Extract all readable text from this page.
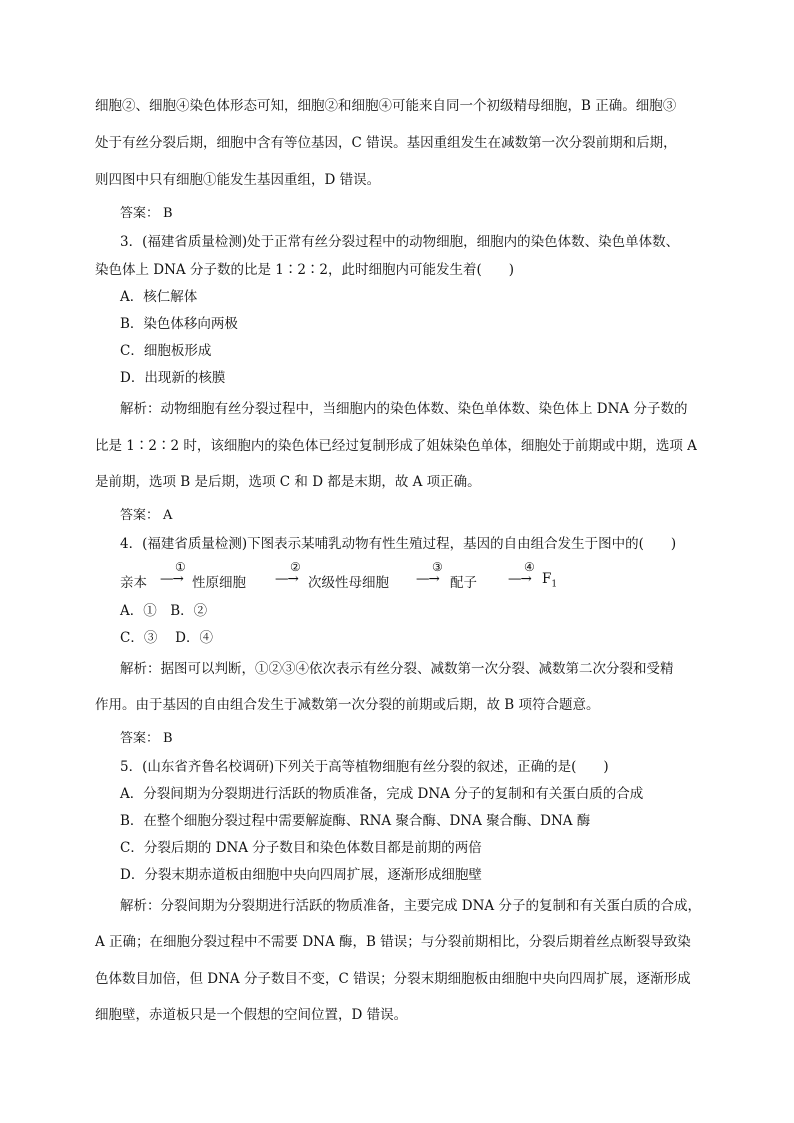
细胞②、细胞④染色体形态可知，细胞②和细胞④可能来自同一个初级精母细胞，B 正确。细胞③
处于有丝分裂后期，细胞中含有等位基因，C 错误。基因重组发生在减数第一次分裂前期和后期，
则四图中只有细胞①能发生基因重组，D 错误。
答案： B
3．(福建省质量检测)处于正常有丝分裂过程中的动物细胞，细胞内的染色体数、染色单体数、
染色体上 DNA 分子数的比是 1∶2∶2，此时细胞内可能发生着(　　)
A．核仁解体
B．染色体移向两极
C．细胞板形成
D．出现新的核膜
解析：动物细胞有丝分裂过程中，当细胞内的染色体数、染色单体数、染色体上 DNA 分子数的
比是 1∶2∶2 时，该细胞内的染色体已经过复制形成了姐妹染色单体，细胞处于前期或中期，选项 A
是前期，选项 B 是后期，选项 C 和 D 都是末期，故 A 项正确。
答案： A
4．(福建省质量检测)下图表示某哺乳动物有性生殖过程，基因的自由组合发生于图中的(　　)
亲本
①
—→ 性原细胞
②
—→ 次级性母细胞
③
—→ 配子
④
—→ $F_1$
A．①　B．②
C．③　 D．④
解析：据图可以判断，①②③④依次表示有丝分裂、减数第一次分裂、减数第二次分裂和受精
作用。由于基因的自由组合发生于减数第一次分裂的前期或后期，故 B 项符合题意。
答案： B
5．(山东省齐鲁名校调研)下列关于高等植物细胞有丝分裂的叙述，正确的是(　　)
A．分裂间期为分裂期进行活跃的物质准备，完成 DNA 分子的复制和有关蛋白质的合成
B．在整个细胞分裂过程中需要解旋酶、RNA 聚合酶、DNA 聚合酶、DNA 酶
C．分裂后期的 DNA 分子数目和染色体数目都是前期的两倍
D．分裂末期赤道板由细胞中央向四周扩展，逐渐形成细胞壁
解析：分裂间期为分裂期进行活跃的物质准备，主要完成 DNA 分子的复制和有关蛋白质的合成，
A 正确；在细胞分裂过程中不需要 DNA 酶，B 错误；与分裂前期相比，分裂后期着丝点断裂导致染
色体数目加倍，但 DNA 分子数目不变，C 错误；分裂末期细胞板由细胞中央向四周扩展，逐渐形成
细胞壁，赤道板只是一个假想的空间位置，D 错误。
